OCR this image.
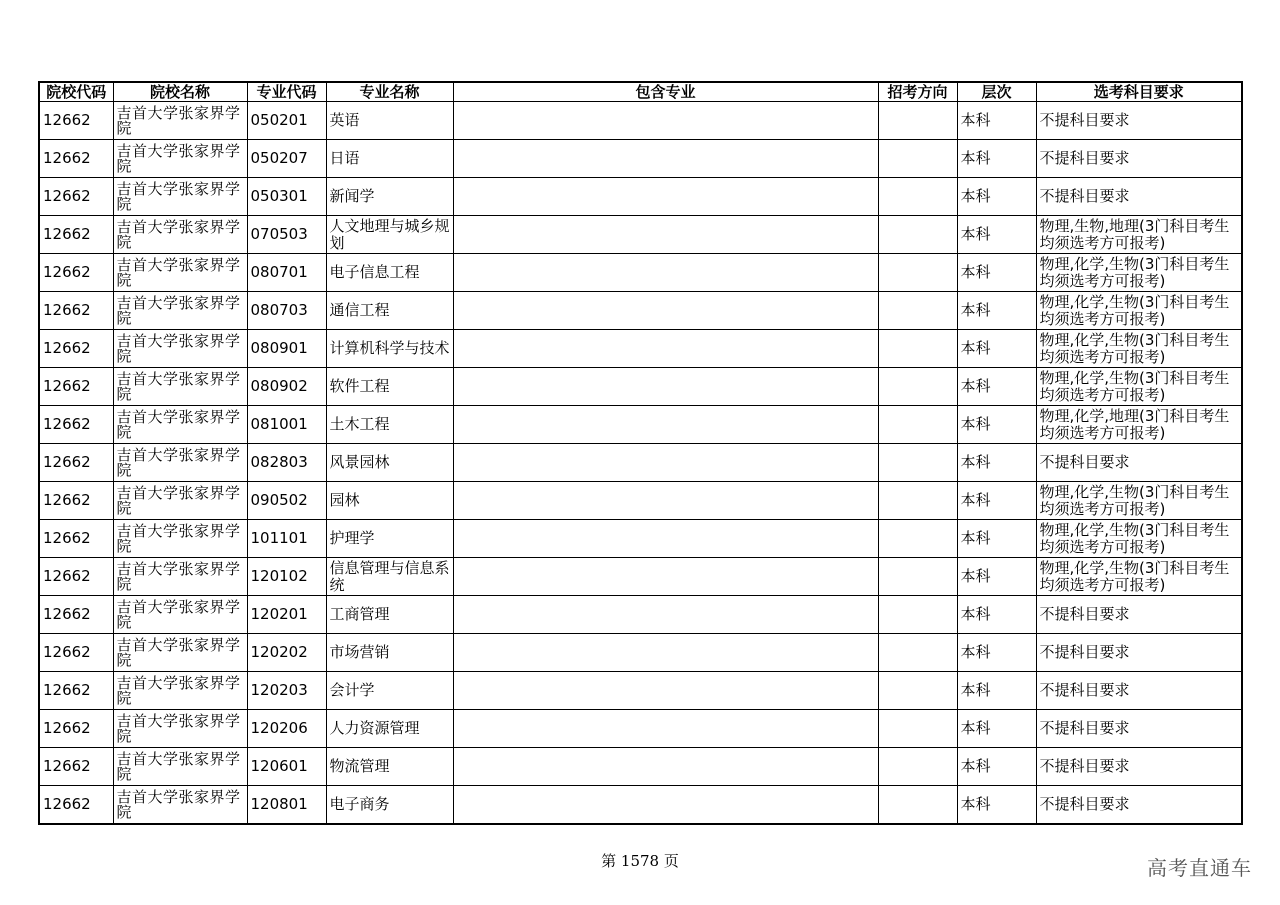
院校代码	院校名称	专业代码	专业名称	包含专业	招考方向	层次	选考科目要求
12662	吉首大学张家界学院	050201	英语			本科	不提科目要求
12662	吉首大学张家界学院	050207	日语			本科	不提科目要求
12662	吉首大学张家界学院	050301	新闻学			本科	不提科目要求
12662	吉首大学张家界学院	070503	人文地理与城乡规划			本科	物理,生物,地理(3门科目考生均须选考方可报考)
12662	吉首大学张家界学院	080701	电子信息工程			本科	物理,化学,生物(3门科目考生均须选考方可报考)
12662	吉首大学张家界学院	080703	通信工程			本科	物理,化学,生物(3门科目考生均须选考方可报考)
12662	吉首大学张家界学院	080901	计算机科学与技术			本科	物理,化学,生物(3门科目考生均须选考方可报考)
12662	吉首大学张家界学院	080902	软件工程			本科	物理,化学,生物(3门科目考生均须选考方可报考)
12662	吉首大学张家界学院	081001	土木工程			本科	物理,化学,地理(3门科目考生均须选考方可报考)
12662	吉首大学张家界学院	082803	风景园林			本科	不提科目要求
12662	吉首大学张家界学院	090502	园林			本科	物理,化学,生物(3门科目考生均须选考方可报考)
12662	吉首大学张家界学院	101101	护理学			本科	物理,化学,生物(3门科目考生均须选考方可报考)
12662	吉首大学张家界学院	120102	信息管理与信息系统			本科	物理,化学,生物(3门科目考生均须选考方可报考)
12662	吉首大学张家界学院	120201	工商管理			本科	不提科目要求
12662	吉首大学张家界学院	120202	市场营销			本科	不提科目要求
12662	吉首大学张家界学院	120203	会计学			本科	不提科目要求
12662	吉首大学张家界学院	120206	人力资源管理			本科	不提科目要求
12662	吉首大学张家界学院	120601	物流管理			本科	不提科目要求
12662	吉首大学张家界学院	120801	电子商务			本科	不提科目要求
第 1578 页	高考直通车
